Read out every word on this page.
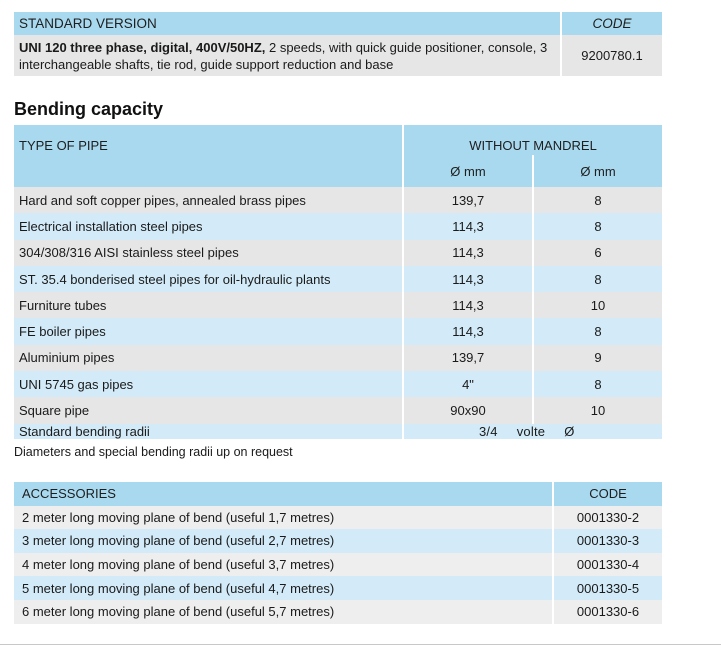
STANDARD VERSION	CODE
UNI 120 three phase, digital, 400V/50HZ, 2 speeds, with quick guide positioner, console, 3 interchangeable shafts, tie rod, guide support reduction and base	9200780.1
Bending capacity
TYPE OF PIPE	WITHOUT MANDREL	
	Ø mm	Ø mm
Hard and soft copper pipes, annealed brass pipes	139,7	8
Electrical installation steel pipes	114,3	8
304/308/316 AISI stainless steel pipes	114,3	6
ST. 35.4 bonderised steel pipes for oil-hydraulic plants	114,3	8
Furniture tubes	114,3	10
FE boiler pipes	114,3	8
Aluminium pipes	139,7	9
UNI 5745 gas pipes	4"	8
Square pipe	90x90	10
Standard bending radii	3/4     volte     Ø	
Diameters and special bending radii up on request
ACCESSORIES	CODE
2 meter long moving plane of bend (useful 1,7 metres)	0001330-2
3 meter long moving plane of bend (useful 2,7 metres)	0001330-3
4 meter long moving plane of bend (useful 3,7 metres)	0001330-4
5 meter long moving plane of bend (useful 4,7 metres)	0001330-5
6 meter long moving plane of bend (useful 5,7 metres)	0001330-6
